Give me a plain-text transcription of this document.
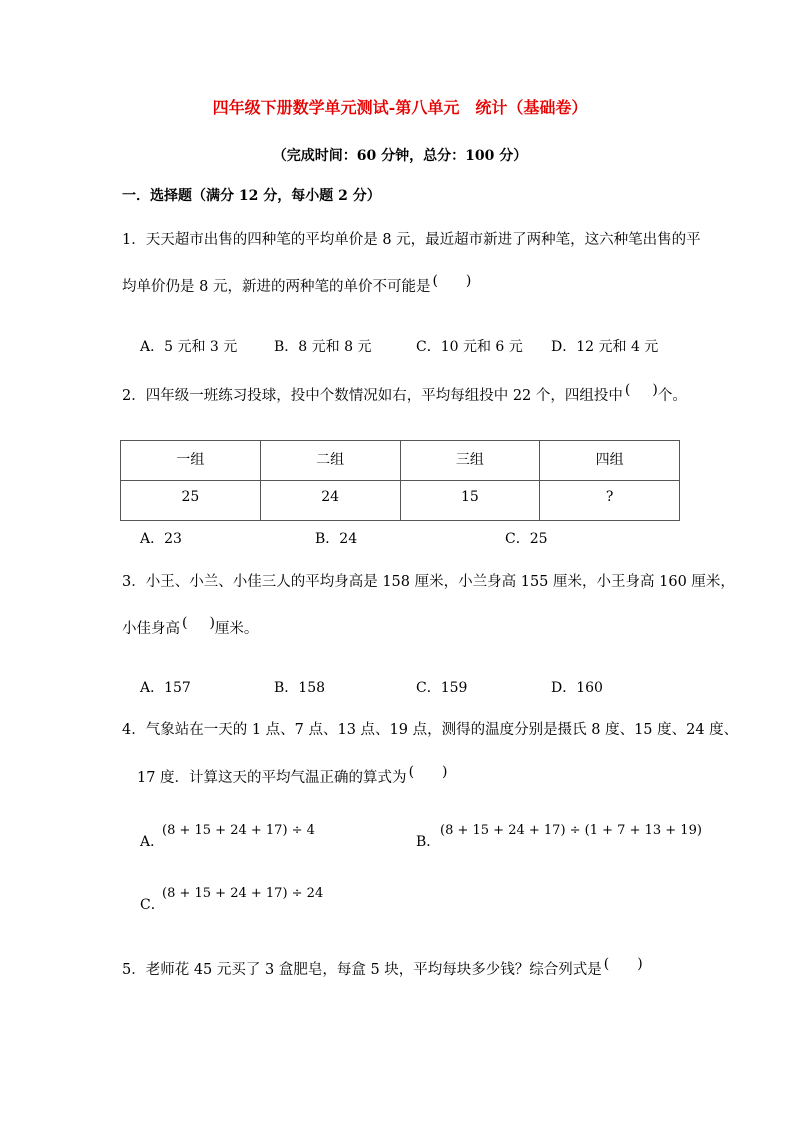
四年级下册数学单元测试-第八单元　统计（基础卷）
（完成时间：60 分钟，总分：100 分）
一．选择题（满分 12 分，每小题 2 分）
1．天天超市出售的四种笔的平均单价是 8 元，最近超市新进了两种笔，这六种笔出售的平
均单价仍是 8 元，新进的两种笔的单价不可能是 ( )
A．5 元和 3 元	B．8 元和 8 元	C．10 元和 6 元 D．12 元和 4 元
2．四年级一班练习投球，投中个数情况如右，平均每组投中 22 个，四组投中 ( )个。
一组	二组	三组	四组
25	24	15	?
A．23	B．24	C．25
3．小王、小兰、小佳三人的平均身高是 158 厘米，小兰身高 155 厘米，小王身高 160 厘米，
小佳身高 ( )厘米。
A．157	B．158	C．159	D．160
4．气象站在一天的 1 点、7 点、13 点、19 点，测得的温度分别是摄氏 8 度、15 度、24 度、
17 度．计算这天的平均气温正确的算式为 ( )
A．
(8 + 15 + 24 + 17) ÷ 4
B．
(8 + 15 + 24 + 17) ÷ (1 + 7 + 13 + 19)
C．
(8 + 15 + 24 + 17) ÷ 24
5．老师花 45 元买了 3 盒肥皂，每盒 5 块，平均每块多少钱？综合列式是 ( )
